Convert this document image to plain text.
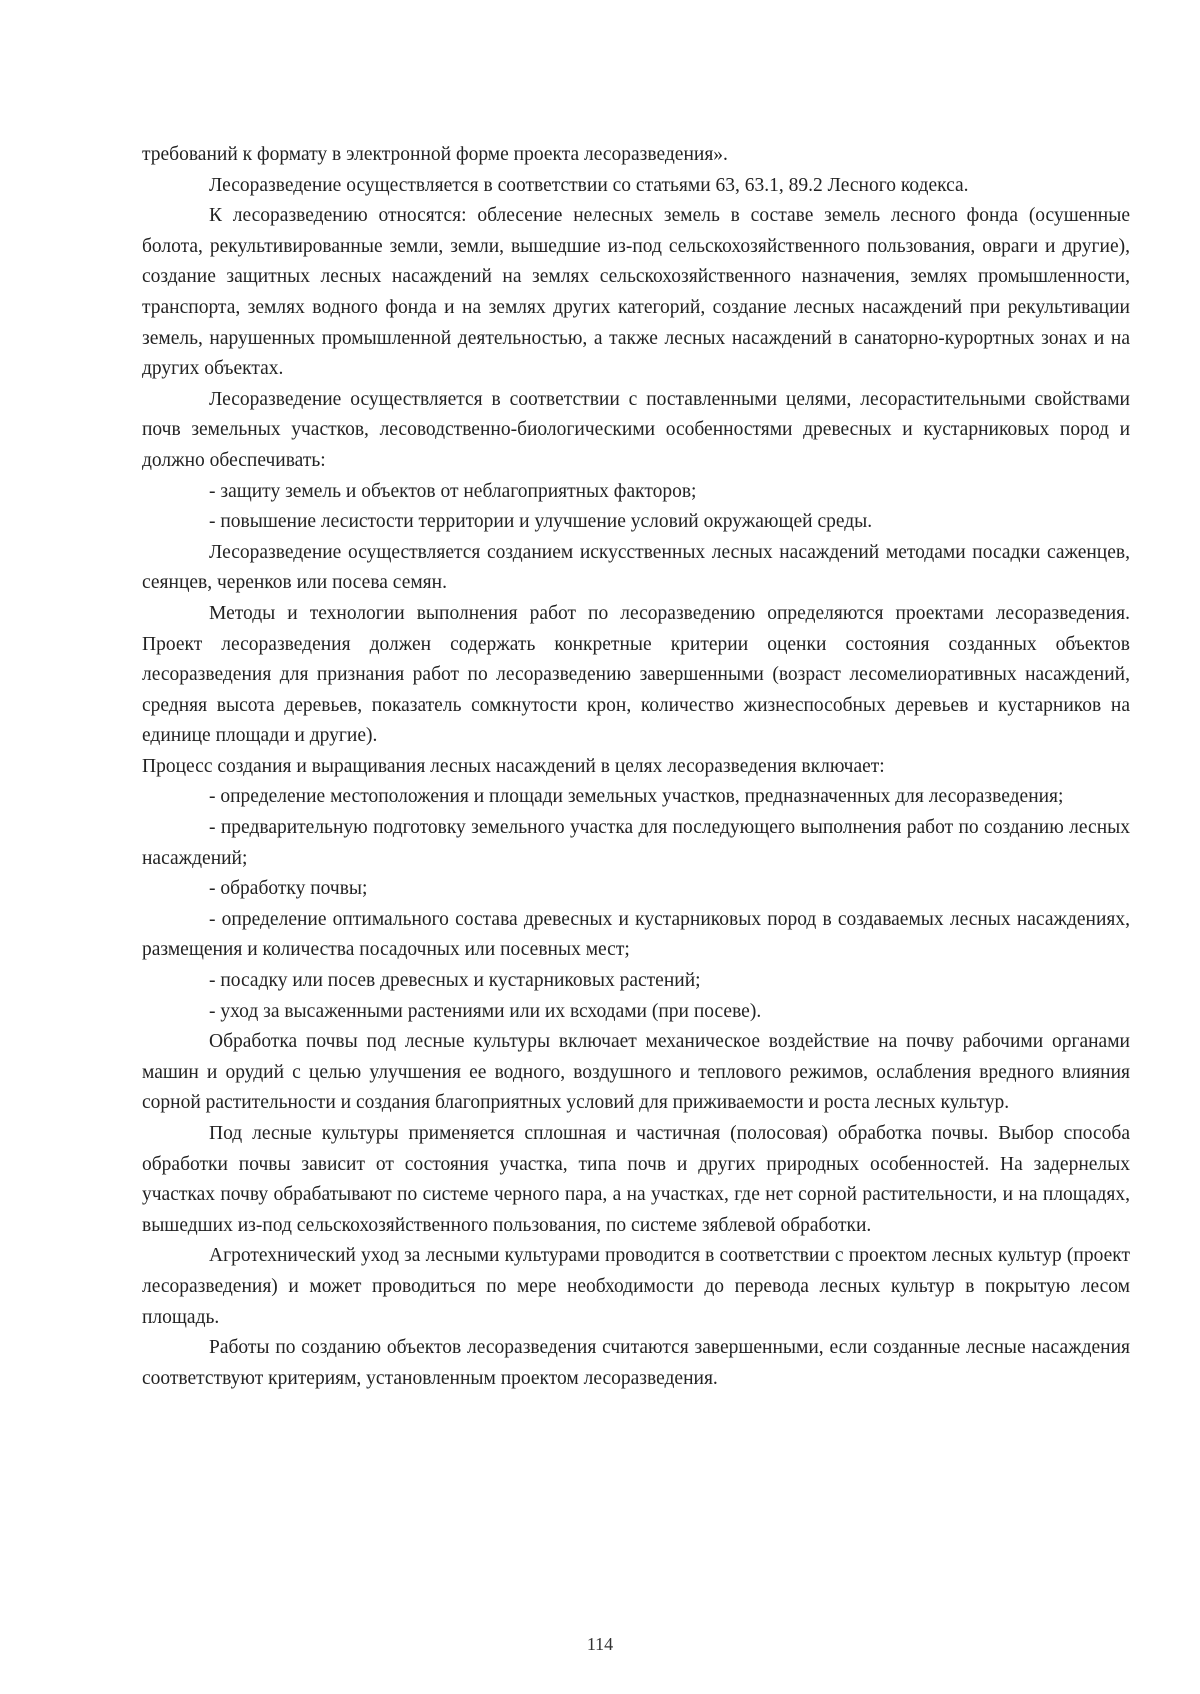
требований к формату в электронной форме проекта лесоразведения».

Лесоразведение осуществляется в соответствии со статьями 63, 63.1, 89.2 Лесного кодекса.

К лесоразведению относятся: облесение нелесных земель в составе земель лесного фонда (осушенные болота, рекультивированные земли, земли, вышедшие из-под сельскохозяйственного пользования, овраги и другие), создание защитных лесных насаждений на землях сельскохозяйственного назначения, землях промышленности, транспорта, землях водного фонда и на землях других категорий, создание лесных насаждений при рекультивации земель, нарушенных промышленной деятельностью, а также лесных насаждений в санаторно-курортных зонах и на других объектах.

Лесоразведение осуществляется в соответствии с поставленными целями, лесорастительными свойствами почв земельных участков, лесоводственно-биологическими особенностями древесных и кустарниковых пород и должно обеспечивать:

- защиту земель и объектов от неблагоприятных факторов;

- повышение лесистости территории и улучшение условий окружающей среды.

Лесоразведение осуществляется созданием искусственных лесных насаждений методами посадки саженцев, сеянцев, черенков или посева семян.

Методы и технологии выполнения работ по лесоразведению определяются проектами лесоразведения. Проект лесоразведения должен содержать конкретные критерии оценки состояния созданных объектов лесоразведения для признания работ по лесоразведению завершенными (возраст лесомелиоративных насаждений, средняя высота деревьев, показатель сомкнутости крон, количество жизнеспособных деревьев и кустарников на единице площади и другие).

Процесс создания и выращивания лесных насаждений в целях лесоразведения включает:

- определение местоположения и площади земельных участков, предназначенных для лесоразведения;

- предварительную подготовку земельного участка для последующего выполнения работ по созданию лесных насаждений;

- обработку почвы;

- определение оптимального состава древесных и кустарниковых пород в создаваемых лесных насаждениях, размещения и количества посадочных или посевных мест;

- посадку или посев древесных и кустарниковых растений;

- уход за высаженными растениями или их всходами (при посеве).

Обработка почвы под лесные культуры включает механическое воздействие на почву рабочими органами машин и орудий с целью улучшения ее водного, воздушного и теплового режимов, ослабления вредного влияния сорной растительности и создания благоприятных условий для приживаемости и роста лесных культур.

Под лесные культуры применяется сплошная и частичная (полосовая) обработка почвы. Выбор способа обработки почвы зависит от состояния участка, типа почв и других природных особенностей. На задернелых участках почву обрабатывают по системе черного пара, а на участках, где нет сорной растительности, и на площадях, вышедших из-под сельскохозяйственного пользования, по системе зяблевой обработки.

Агротехнический уход за лесными культурами проводится в соответствии с проектом лесных культур (проект лесоразведения) и может проводиться по мере необходимости до перевода лесных культур в покрытую лесом площадь.

Работы по созданию объектов лесоразведения считаются завершенными, если созданные лесные насаждения соответствуют критериям, установленным проектом лесоразведения.

114
